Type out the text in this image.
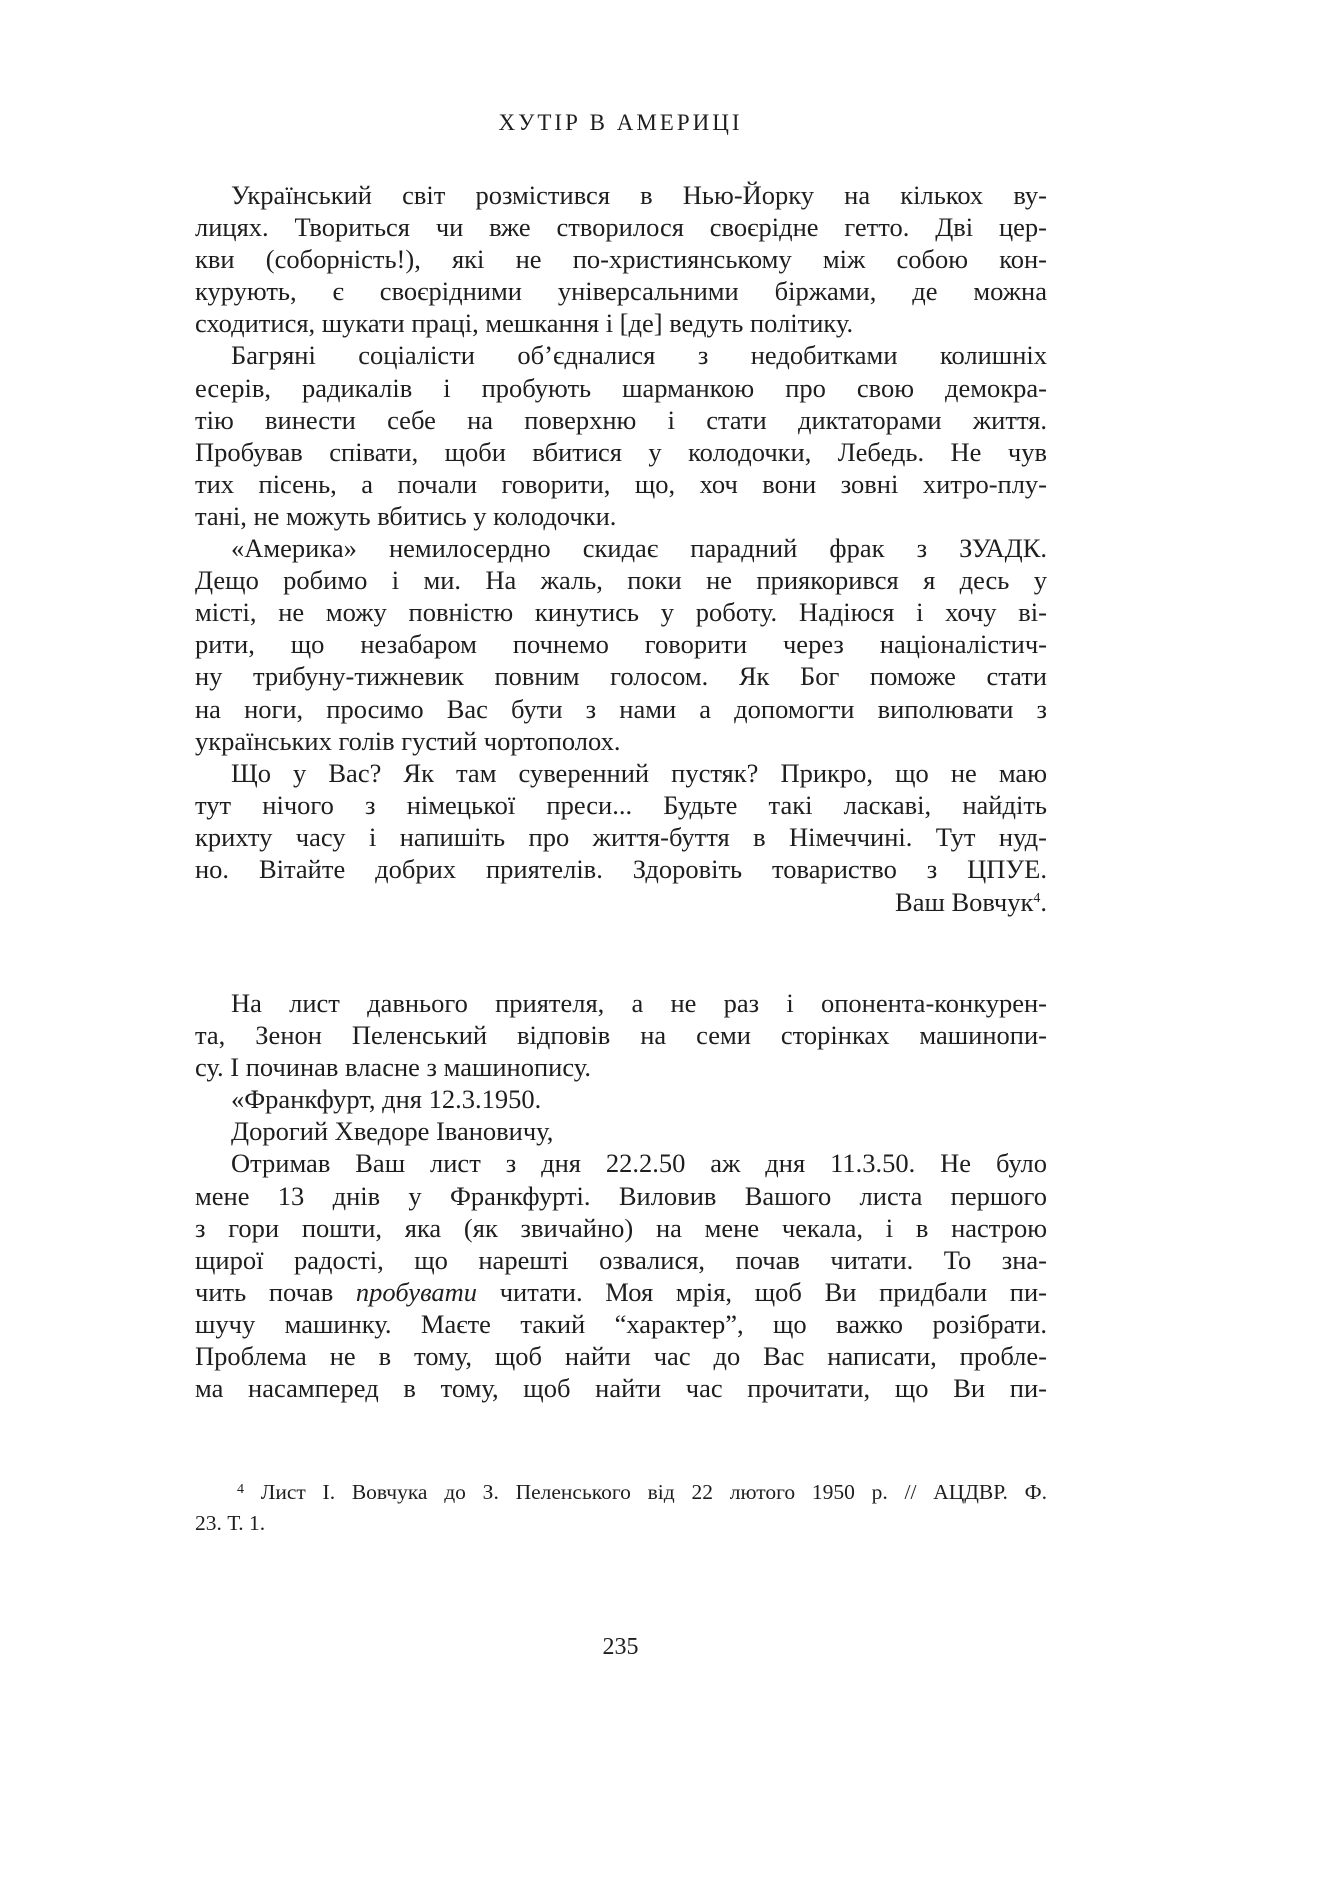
ХУТІР В АМЕРИЦІ
Український світ розмістився в Нью-Йорку на кількох ву-
лицях. Твориться чи вже створилося своєрідне гетто. Дві цер-
кви (соборність!), які не по-християнському між собою кон-
курують, є своєрідними універсальними біржами, де можна
сходитися, шукати праці, мешкання і [де] ведуть політику.
Багряні соціалісти об’єдналися з недобитками колишніх
есерів, радикалів і пробують шарманкою про свою демокра-
тію винести себе на поверхню і стати диктаторами життя.
Пробував співати, щоби вбитися у колодочки, Лебедь. Не чув
тих пісень, а почали говорити, що, хоч вони зовні хитро-плу-
тані, не можуть вбитись у колодочки.
«Америка» немилосердно скидає парадний фрак з ЗУАДК.
Дещо робимо і ми. На жаль, поки не приякорився я десь у
місті, не можу повністю кинутись у роботу. Надіюся і хочу ві-
рити, що незабаром почнемо говорити через націоналістич-
ну трибуну-тижневик повним голосом. Як Бог поможе стати
на ноги, просимо Вас бути з нами а допомогти виполювати з
українських голів густий чортополох.
Що у Вас? Як там суверенний пустяк? Прикро, що не маю
тут нічого з німецької преси... Будьте такі ласкаві, найдіть
крихту часу і напишіть про життя-буття в Німеччині. Тут нуд-
но. Вітайте добрих приятелів. Здоровіть товариство з ЦПУЕ.
Ваш Вовчук$^4$.
На лист давнього приятеля, а не раз і опонента-конкурен-
та, Зенон Пеленський відповів на семи сторінках машинопи-
су. І починав власне з машинопису.
«Франкфурт, дня 12.3.1950.
Дорогий Хведоре Івановичу,
Отримав Ваш лист з дня 22.2.50 аж дня 11.3.50. Не було
мене 13 днів у Франкфурті. Виловив Вашого листа першого
з гори пошти, яка (як звичайно) на мене чекала, і в настрою
щирої радості, що нарешті озвалися, почав читати. То зна-
чить почав пробувати читати. Моя мрія, щоб Ви придбали пи-
шучу машинку. Маєте такий “характер”, що важко розібрати.
Проблема не в тому, щоб найти час до Вас написати, пробле-
ма насамперед в тому, щоб найти час прочитати, що Ви пи-
$^4$ Лист І. Вовчука до З. Пеленського від 22 лютого 1950 р. // АЦДВР. Ф.
23. Т. 1.
235
